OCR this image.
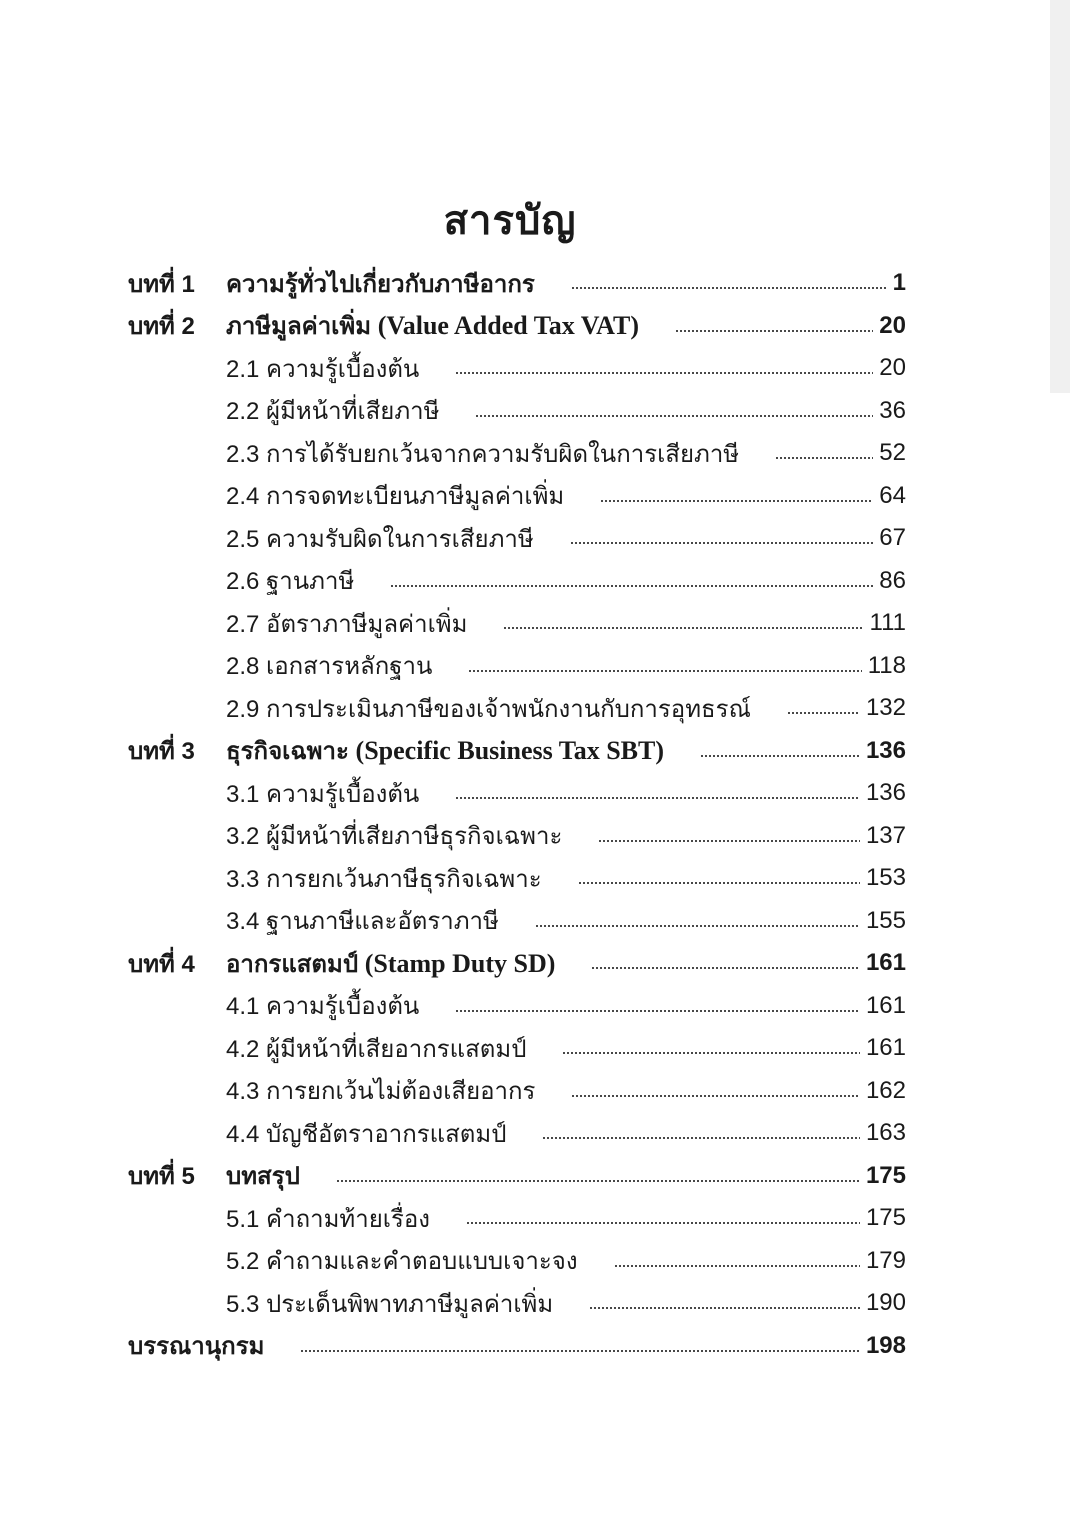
สารบัญ
บทที่ 1	ความรู้ทั่วไปเกี่ยวกับภาษีอากร	1
บทที่ 2	ภาษีมูลค่าเพิ่ม (Value Added Tax VAT)	20
2.1 ความรู้เบื้องต้น	20
2.2 ผู้มีหน้าที่เสียภาษี	36
2.3 การได้รับยกเว้นจากความรับผิดในการเสียภาษี	52
2.4 การจดทะเบียนภาษีมูลค่าเพิ่ม	64
2.5 ความรับผิดในการเสียภาษี	67
2.6 ฐานภาษี	86
2.7 อัตราภาษีมูลค่าเพิ่ม	111
2.8 เอกสารหลักฐาน	118
2.9 การประเมินภาษีของเจ้าพนักงานกับการอุทธรณ์	132
บทที่ 3	ธุรกิจเฉพาะ (Specific Business Tax SBT)	136
3.1 ความรู้เบื้องต้น	136
3.2 ผู้มีหน้าที่เสียภาษีธุรกิจเฉพาะ	137
3.3 การยกเว้นภาษีธุรกิจเฉพาะ	153
3.4 ฐานภาษีและอัตราภาษี	155
บทที่ 4	อากรแสตมป์ (Stamp Duty SD)	161
4.1 ความรู้เบื้องต้น	161
4.2 ผู้มีหน้าที่เสียอากรแสตมป์	161
4.3 การยกเว้นไม่ต้องเสียอากร	162
4.4 บัญชีอัตราอากรแสตมป์	163
บทที่ 5	บทสรุป	175
5.1 คำถามท้ายเรื่อง	175
5.2 คำถามและคำตอบแบบเจาะจง	179
5.3 ประเด็นพิพาทภาษีมูลค่าเพิ่ม	190
บรรณานุกรม	198
